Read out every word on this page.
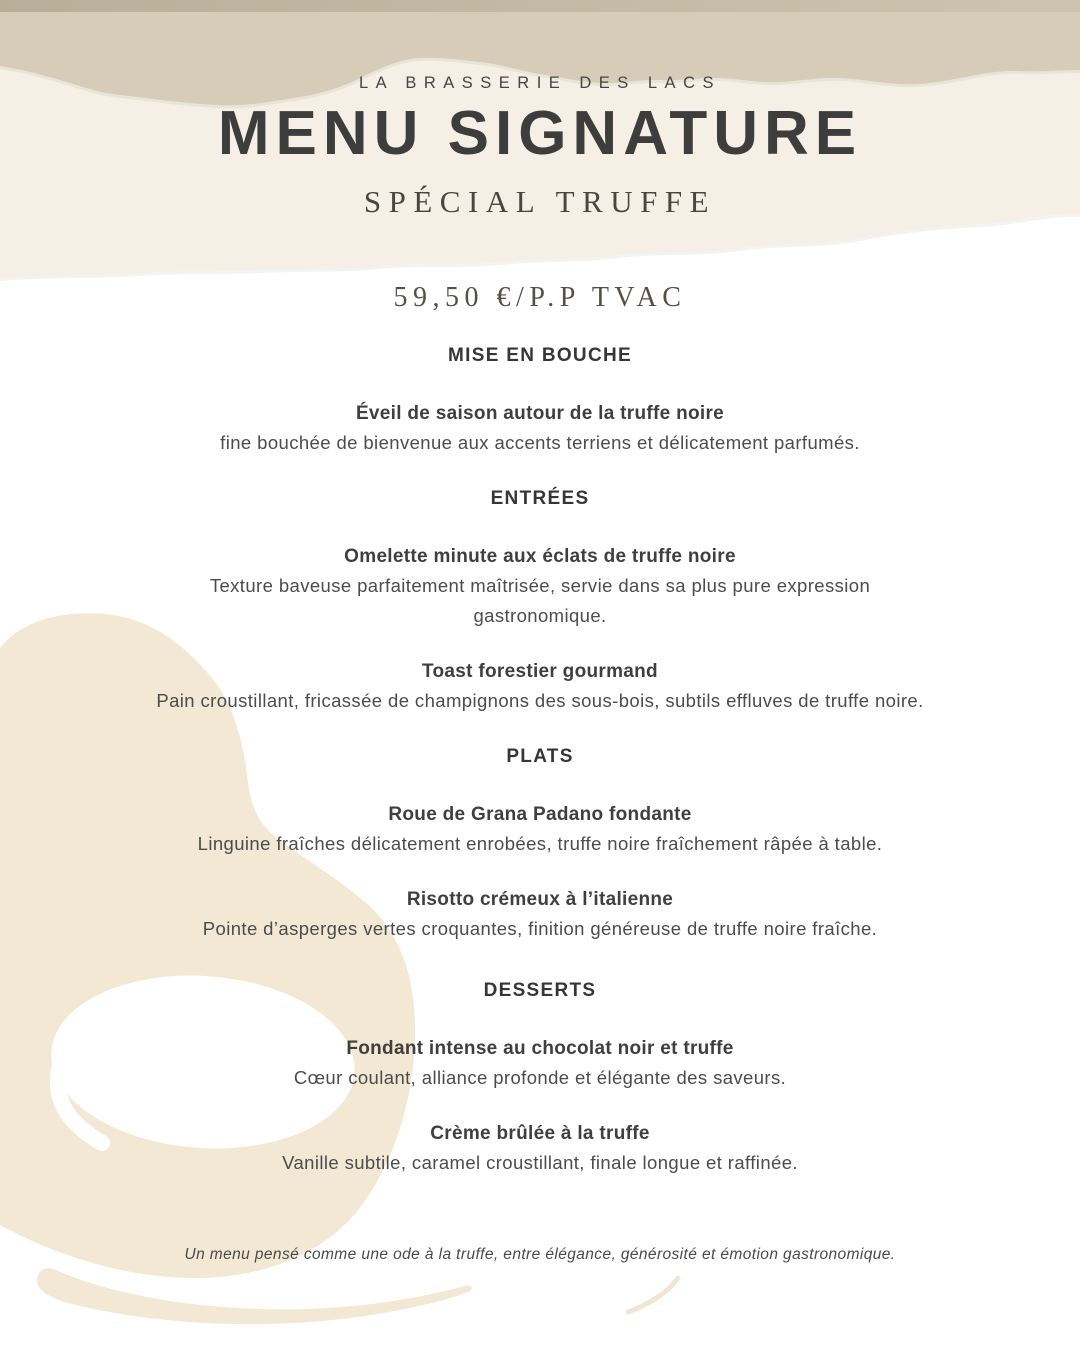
LA BRASSERIE DES LACS
MENU SIGNATURE
SPÉCIAL TRUFFE
59,50 €/P.P TVAC
MISE EN BOUCHE
Éveil de saison autour de la truffe noire
fine bouchée de bienvenue aux accents terriens et délicatement parfumés.
ENTRÉES
Omelette minute aux éclats de truffe noire
Texture baveuse parfaitement maîtrisée, servie dans sa plus pure expression gastronomique.
Toast forestier gourmand
Pain croustillant, fricassée de champignons des sous-bois, subtils effluves de truffe noire.
PLATS
Roue de Grana Padano fondante
Linguine fraîches délicatement enrobées, truffe noire fraîchement râpée à table.
Risotto crémeux à l’italienne
Pointe d’asperges vertes croquantes, finition généreuse de truffe noire fraîche.
DESSERTS
Fondant intense au chocolat noir et truffe
Cœur coulant, alliance profonde et élégante des saveurs.
Crème brûlée à la truffe
Vanille subtile, caramel croustillant, finale longue et raffinée.
Un menu pensé comme une ode à la truffe, entre élégance, générosité et émotion gastronomique.
